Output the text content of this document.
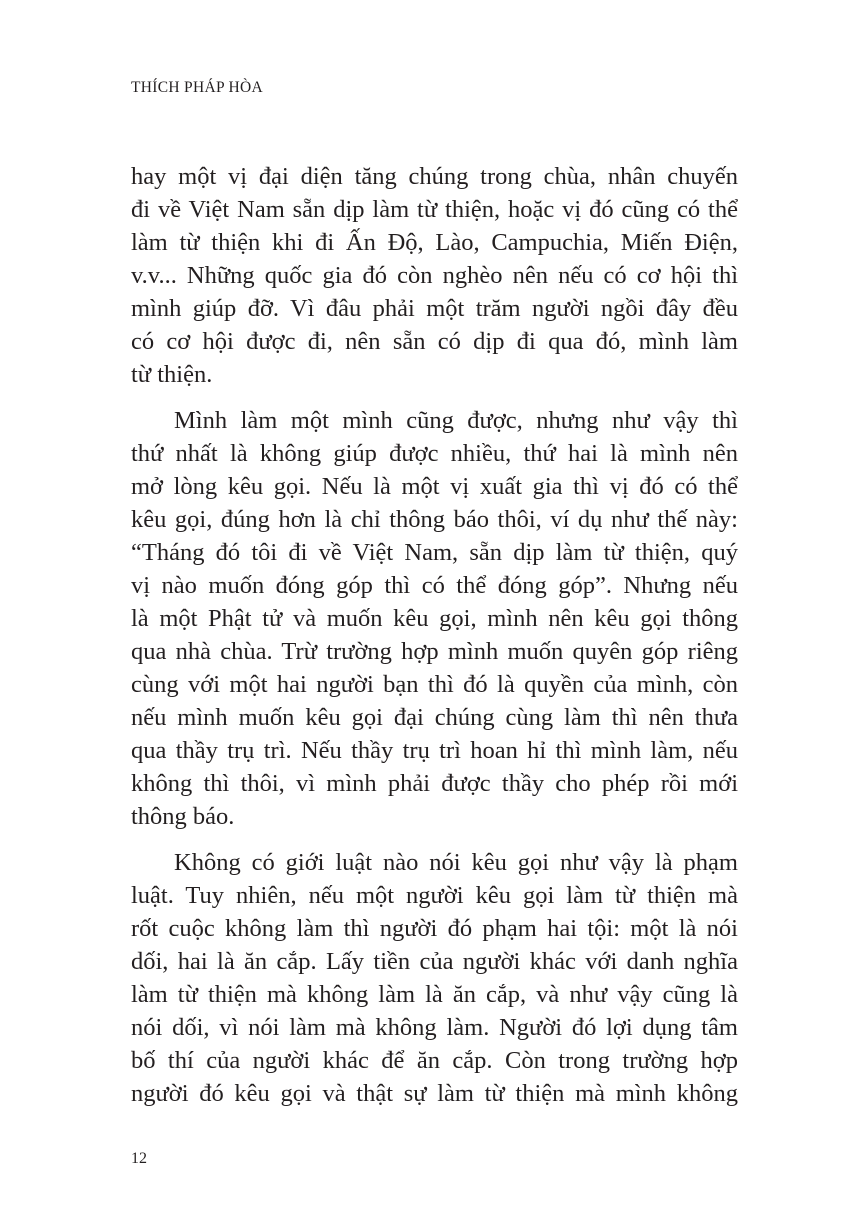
THÍCH PHÁP HÒA
hay một vị đại diện tăng chúng trong chùa, nhân chuyến
đi về Việt Nam sẵn dịp làm từ thiện, hoặc vị đó cũng có thể
làm từ thiện khi đi Ấn Độ, Lào, Campuchia, Miến Điện,
v.v... Những quốc gia đó còn nghèo nên nếu có cơ hội thì
mình giúp đỡ. Vì đâu phải một trăm người ngồi đây đều
có cơ hội được đi, nên sẵn có dịp đi qua đó, mình làm
từ thiện.
Mình làm một mình cũng được, nhưng như vậy thì
thứ nhất là không giúp được nhiều, thứ hai là mình nên
mở lòng kêu gọi. Nếu là một vị xuất gia thì vị đó có thể
kêu gọi, đúng hơn là chỉ thông báo thôi, ví dụ như thế này:
“Tháng đó tôi đi về Việt Nam, sẵn dịp làm từ thiện, quý
vị nào muốn đóng góp thì có thể đóng góp”. Nhưng nếu
là một Phật tử và muốn kêu gọi, mình nên kêu gọi thông
qua nhà chùa. Trừ trường hợp mình muốn quyên góp riêng
cùng với một hai người bạn thì đó là quyền của mình, còn
nếu mình muốn kêu gọi đại chúng cùng làm thì nên thưa
qua thầy trụ trì. Nếu thầy trụ trì hoan hỉ thì mình làm, nếu
không thì thôi, vì mình phải được thầy cho phép rồi mới
thông báo.
Không có giới luật nào nói kêu gọi như vậy là phạm
luật. Tuy nhiên, nếu một người kêu gọi làm từ thiện mà
rốt cuộc không làm thì người đó phạm hai tội: một là nói
dối, hai là ăn cắp. Lấy tiền của người khác với danh nghĩa
làm từ thiện mà không làm là ăn cắp, và như vậy cũng là
nói dối, vì nói làm mà không làm. Người đó lợi dụng tâm
bố thí của người khác để ăn cắp. Còn trong trường hợp
người đó kêu gọi và thật sự làm từ thiện mà mình không
12
